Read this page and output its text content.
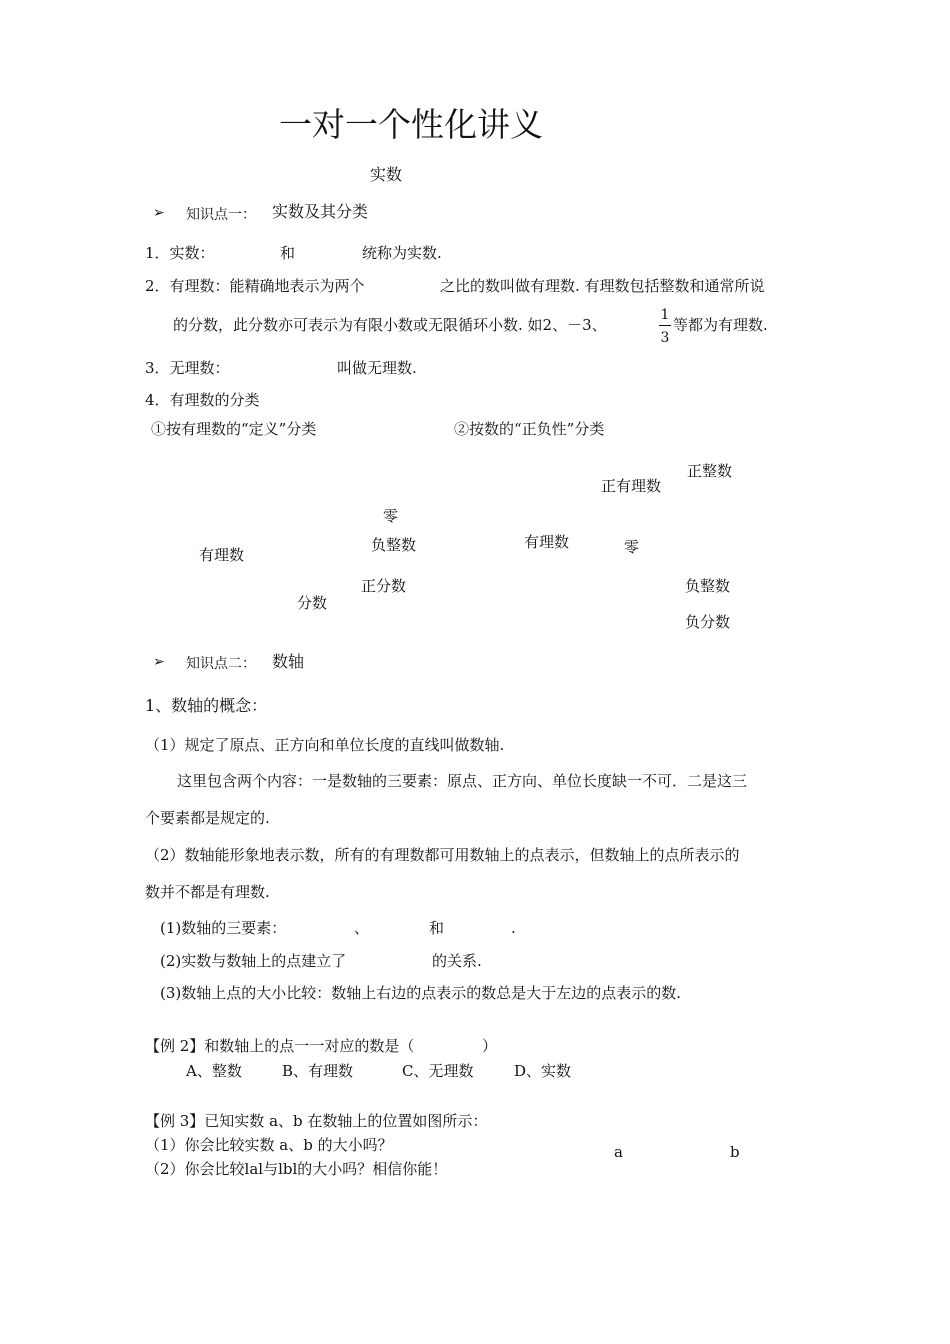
一对一个性化讲义
实数
➢ 知识点一： 实数及其分类
1．实数：	和	统称为实数.
2．有理数：能精确地表示为两个	之比的数叫做有理数. 有理数包括整数和通常所说
的分数，此分数亦可表示为有限小数或无限循环小数. 如2、－3、
1
3
等都为有理数.
3．无理数：	叫做无理数.
4．有理数的分类
①按有理数的“定义”分类	②按数的“正负性”分类
有理数
零
负整数
正分数
分数
正整数
正有理数
有理数	零
负整数
负分数
➢ 知识点二： 数轴
1、数轴的概念：
（1）规定了原点、正方向和单位长度的直线叫做数轴.
这里包含两个内容：一是数轴的三要素：原点、正方向、单位长度缺一不可．二是这三
个要素都是规定的.
（2）数轴能形象地表示数，所有的有理数都可用数轴上的点表示，但数轴上的点所表示的
数并不都是有理数.
(1)数轴的三要素：	、	和	.
(2)实数与数轴上的点建立了	的关系.
(3)数轴上点的大小比较：数轴上右边的点表示的数总是大于左边的点表示的数.
【例 2】和数轴上的点一一对应的数是（	）
A、整数	B、有理数	C、无理数	D、实数
【例 3】已知实数 a、b 在数轴上的位置如图所示：
（1）你会比较实数 a、b 的大小吗？
（2）你会比较lal与lbl的大小吗？相信你能！
a	b
